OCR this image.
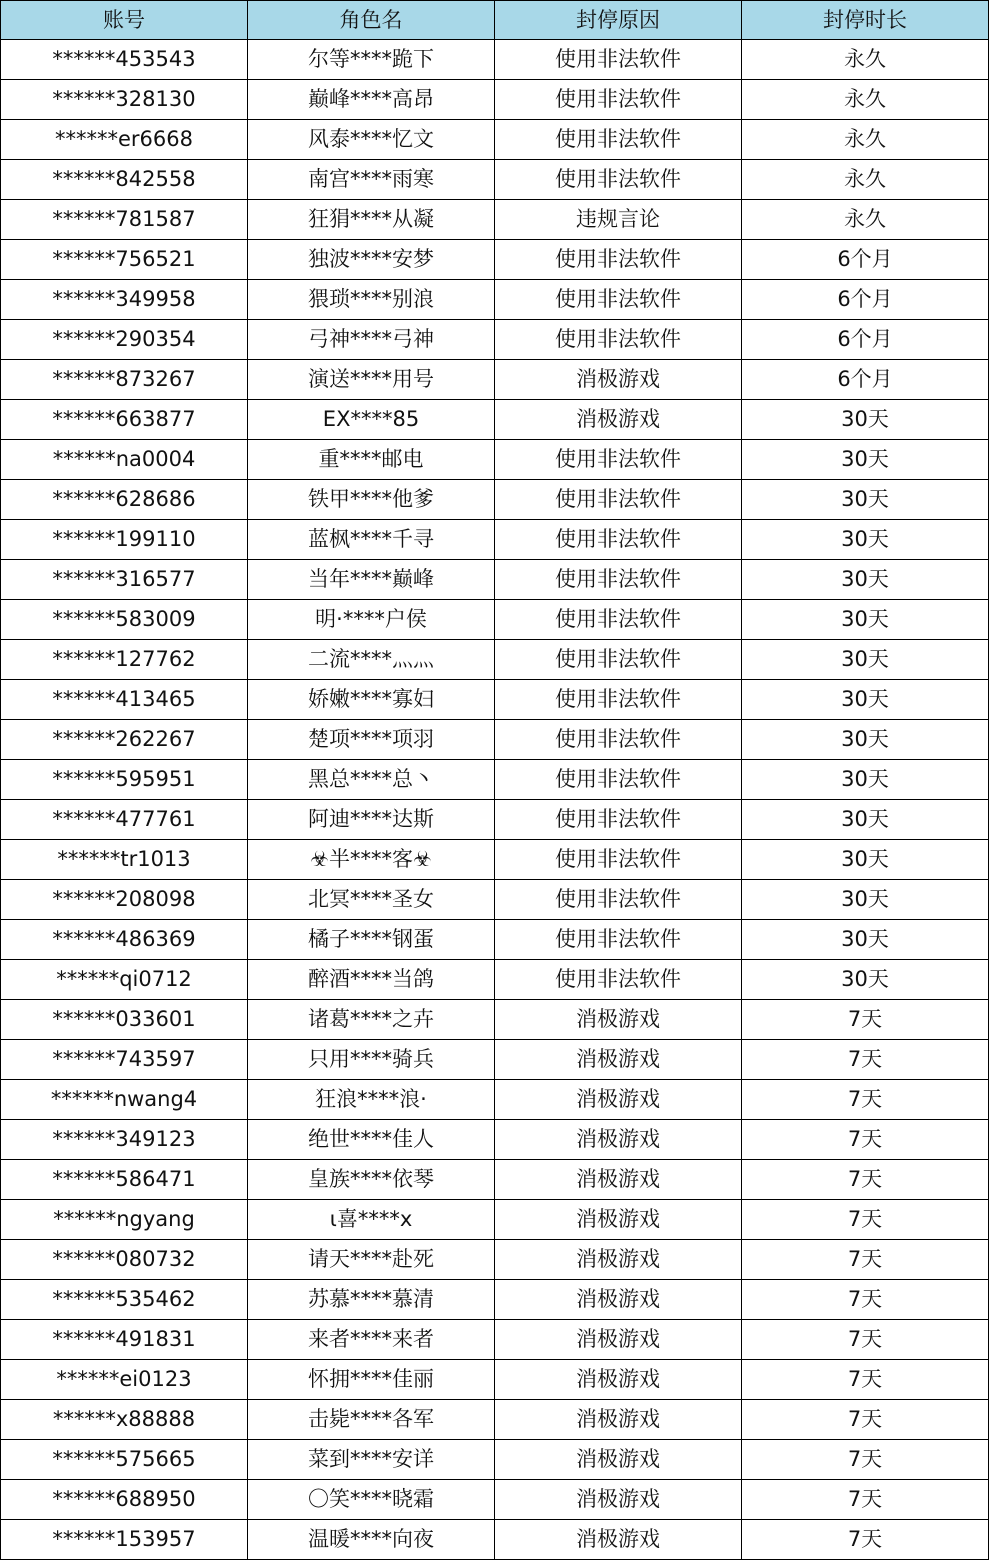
账号	角色名	封停原因	封停时长
******453543	尔等****跪下	使用非法软件	永久
******328130	巅峰****高昂	使用非法软件	永久
******er6668	风泰****忆文	使用非法软件	永久
******842558	南宫****雨寒	使用非法软件	永久
******781587	狂狷****从凝	违规言论	永久
******756521	独波****安梦	使用非法软件	6个月
******349958	猥琐****别浪	使用非法软件	6个月
******290354	弓神****弓神	使用非法软件	6个月
******873267	演送****用号	消极游戏	6个月
******663877	EX****85	消极游戏	30天
******na0004	重****邮电	使用非法软件	30天
******628686	铁甲****他爹	使用非法软件	30天
******199110	蓝枫****千寻	使用非法软件	30天
******316577	当年****巅峰	使用非法软件	30天
******583009	明·****户侯	使用非法软件	30天
******127762	二流****灬灬	使用非法软件	30天
******413465	娇嫩****寡妇	使用非法软件	30天
******262267	楚项****项羽	使用非法软件	30天
******595951	黑总****总丶	使用非法软件	30天
******477761	阿迪****达斯	使用非法软件	30天
******tr1013	☣半****客☣	使用非法软件	30天
******208098	北冥****圣女	使用非法软件	30天
******486369	橘子****钢蛋	使用非法软件	30天
******qi0712	醉酒****当鸽	使用非法软件	30天
******033601	诸葛****之卉	消极游戏	7天
******743597	只用****骑兵	消极游戏	7天
******nwang4	狂浪****浪·	消极游戏	7天
******349123	绝世****佳人	消极游戏	7天
******586471	皇族****依琴	消极游戏	7天
******ngyang	ι喜****x	消极游戏	7天
******080732	请天****赴死	消极游戏	7天
******535462	苏慕****慕清	消极游戏	7天
******491831	来者****来者	消极游戏	7天
******ei0123	怀拥****佳丽	消极游戏	7天
******x88888	击毙****各军	消极游戏	7天
******575665	菜到****安详	消极游戏	7天
******688950	〇笑****晓霜	消极游戏	7天
******153957	温暖****向夜	消极游戏	7天
